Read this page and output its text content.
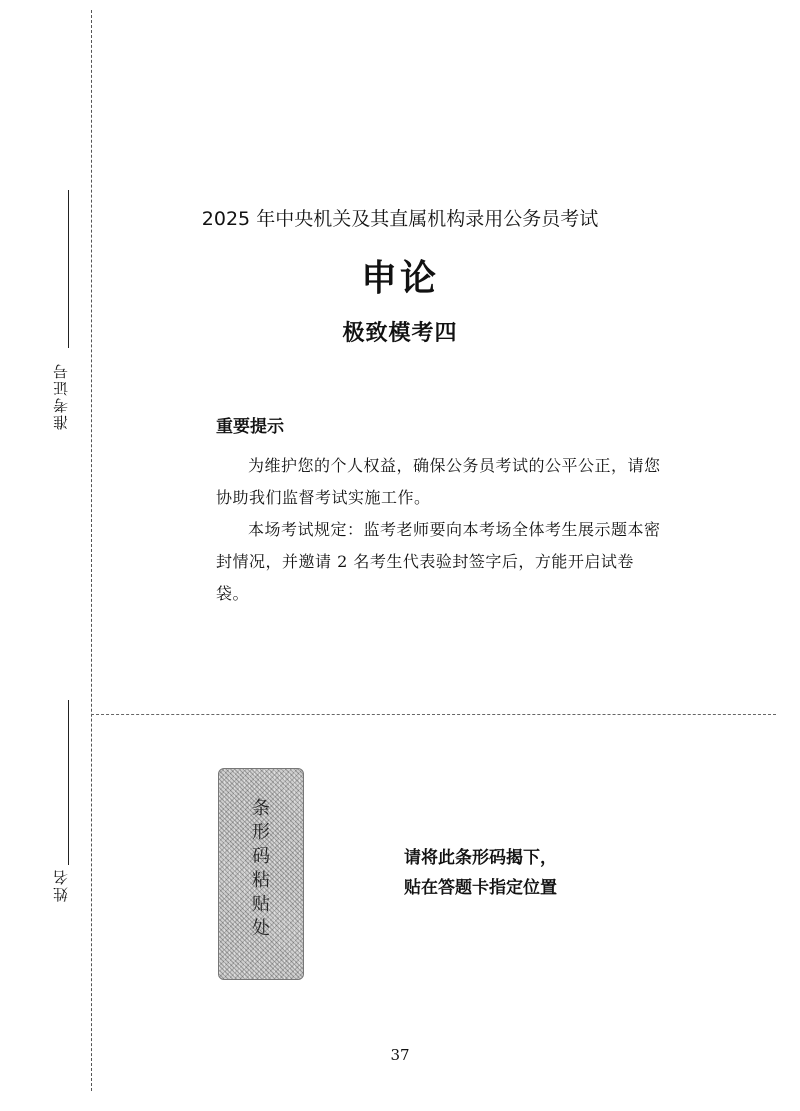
准考证号
姓名
2025 年中央机关及其直属机构录用公务员考试
申论
极致模考四
重要提示

为维护您的个人权益，确保公务员考试的公平公正，请您协助我们监督考试实施工作。

本场考试规定：监考老师要向本考场全体考生展示题本密封情况，并邀请 2 名考生代表验封签字后，方能开启试卷袋。

条
形
码
粘
贴
处
请将此条形码揭下，
贴在答题卡指定位置
37
